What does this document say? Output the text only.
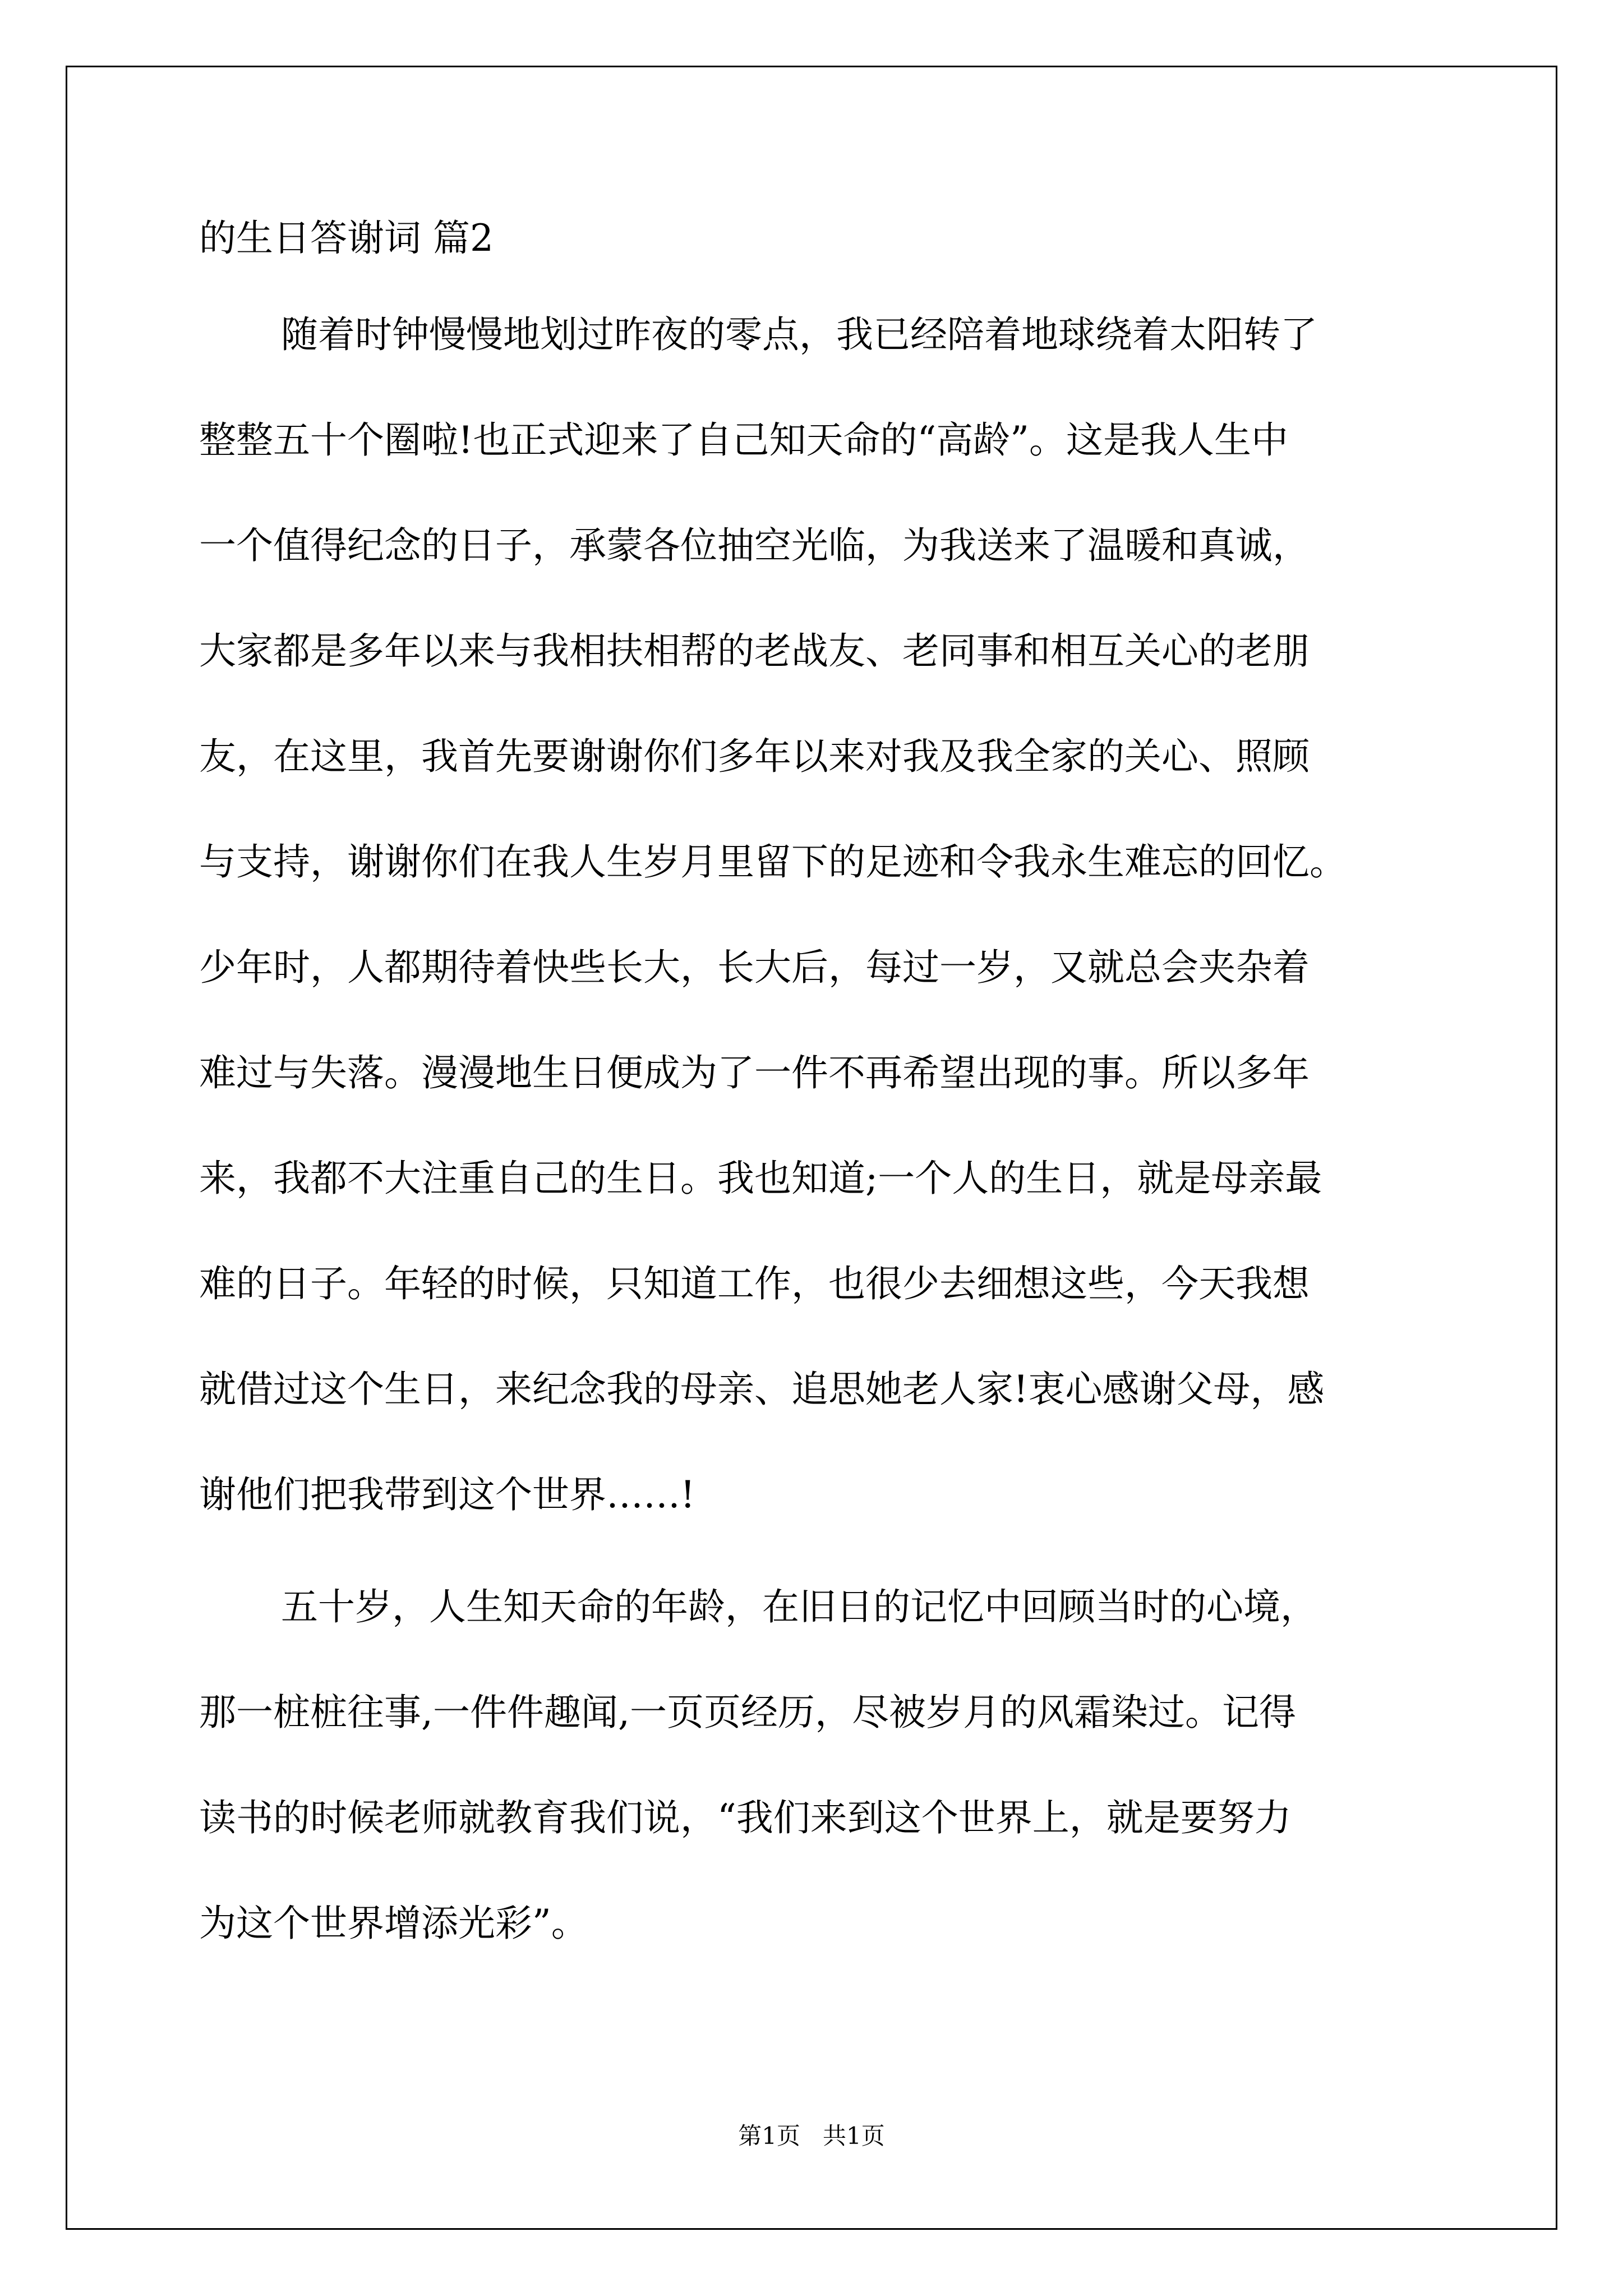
的生日答谢词 篇2
随着时钟慢慢地划过昨夜的零点，我已经陪着地球绕着太阳转了
整整五十个圈啦!也正式迎来了自己知天命的“高龄”。这是我人生中
一个值得纪念的日子，承蒙各位抽空光临，为我送来了温暖和真诚，
大家都是多年以来与我相扶相帮的老战友、老同事和相互关心的老朋
友，在这里，我首先要谢谢你们多年以来对我及我全家的关心、照顾
与支持，谢谢你们在我人生岁月里留下的足迹和令我永生难忘的回忆。
少年时，人都期待着快些长大，长大后，每过一岁，又就总会夹杂着
难过与失落。漫漫地生日便成为了一件不再希望出现的事。所以多年
来，我都不大注重自己的生日。我也知道;一个人的生日，就是母亲最
难的日子。年轻的时候，只知道工作，也很少去细想这些，今天我想
就借过这个生日，来纪念我的母亲、追思她老人家!衷心感谢父母，感
谢他们把我带到这个世界……!
五十岁，人生知天命的年龄，在旧日的记忆中回顾当时的心境，
那一桩桩往事,一件件趣闻,一页页经历，尽被岁月的风霜染过。记得
读书的时候老师就教育我们说，“我们来到这个世界上，就是要努力
为这个世界增添光彩”。
第1页   共1页
